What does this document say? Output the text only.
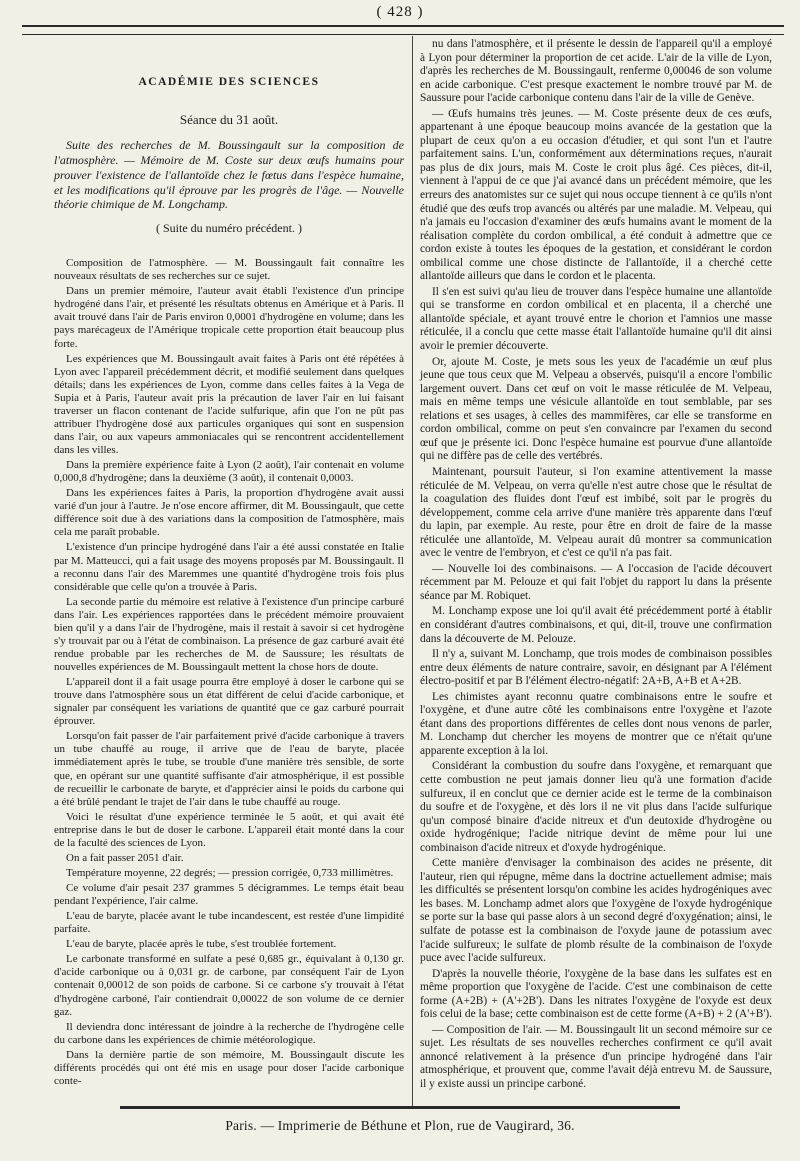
( 428 )
ACADÉMIE DES SCIENCES
Séance du 31 août.

Suite des recherches de M. Boussingault sur la composition de l'atmosphère. — Mémoire de M. Coste sur deux œufs humains pour prouver l'existence de l'allantoïde chez le fœtus dans l'espèce humaine, et les modifications qu'il éprouve par les progrès de l'âge. — Nouvelle théorie chimique de M. Longchamp.

( Suite du numéro précédent. )

Composition de l'atmosphère. — M. Boussingault fait connaître les nouveaux résultats de ses recherches sur ce sujet.

Dans un premier mémoire, l'auteur avait établi l'existence d'un principe hydrogéné dans l'air, et présenté les résultats obtenus en Amérique et à Paris. Il avait trouvé dans l'air de Paris environ 0,0001 d'hydrogène en volume; dans les pays marécageux de l'Amérique tropicale cette proportion était beaucoup plus forte.

Les expériences que M. Boussingault avait faites à Paris ont été répétées à Lyon avec l'appareil précédemment décrit, et modifié seulement dans quelques détails; dans les expériences de Lyon, comme dans celles faites à la Vega de Supia et à Paris, l'auteur avait pris la précaution de laver l'air en lui faisant traverser un flacon contenant de l'acide sulfurique, afin que l'on ne pût pas attribuer l'hydrogène dosé aux particules organiques qui sont en suspension dans l'air, ou aux vapeurs ammoniacales qui se rencontrent accidentellement dans les villes.

Dans la première expérience faite à Lyon (2 août), l'air contenait en volume 0,000,8 d'hydrogène; dans la deuxième (3 août), il contenait 0,0003.

Dans les expériences faites à Paris, la proportion d'hydrogène avait aussi varié d'un jour à l'autre. Je n'ose encore affirmer, dit M. Boussingault, que cette différence soit due à des variations dans la composition de l'atmosphère, mais cela me paraît probable.

L'existence d'un principe hydrogéné dans l'air a été aussi constatée en Italie par M. Matteucci, qui a fait usage des moyens proposés par M. Boussingault. Il a reconnu dans l'air des Maremmes une quantité d'hydrogène trois fois plus considérable que celle qu'on a trouvée à Paris.

La seconde partie du mémoire est relative à l'existence d'un principe carburé dans l'air. Les expériences rapportées dans le précédent mémoire prouvaient bien qu'il y a dans l'air de l'hydrogène, mais il restait à savoir si cet hydrogène s'y trouvait par ou à l'état de combinaison. La présence de gaz carburé avait été rendue probable par les recherches de M. de Saussure; les résultats de nouvelles expériences de M. Boussingault mettent la chose hors de doute.

L'appareil dont il a fait usage pourra être employé à doser le carbone qui se trouve dans l'atmosphère sous un état différent de celui d'acide carbonique, et signaler par conséquent les variations de quantité que ce gaz carburé pourrait éprouver.

Lorsqu'on fait passer de l'air parfaitement privé d'acide carbonique à travers un tube chauffé au rouge, il arrive que de l'eau de baryte, placée immédiatement après le tube, se trouble d'une manière très sensible, de sorte que, en opérant sur une quantité suffisante d'air atmosphérique, il est possible de recueillir le carbonate de baryte, et d'apprécier ainsi le poids du carbone qui a été brûlé pendant le trajet de l'air dans le tube chauffé au rouge.

Voici le résultat d'une expérience terminée le 5 août, et qui avait été entreprise dans le but de doser le carbone. L'appareil était monté dans la cour de la faculté des sciences de Lyon.

On a fait passer 2051 d'air.

Température moyenne, 22 degrés; — pression corrigée, 0,733 millimètres.

Ce volume d'air pesait 237 grammes 5 décigrammes. Le temps était beau pendant l'expérience, l'air calme.

L'eau de baryte, placée avant le tube incandescent, est restée d'une limpidité parfaite.

L'eau de baryte, placée après le tube, s'est troublée fortement.

Le carbonate transformé en sulfate a pesé 0,685 gr., équivalant à 0,130 gr. d'acide carbonique ou à 0,031 gr. de carbone, par conséquent l'air de Lyon contenait 0,00012 de son poids de carbone. Si ce carbone s'y trouvait à l'état d'hydrogène carboné, l'air contiendrait 0,00022 de son volume de ce dernier gaz.

Il deviendra donc intéressant de joindre à la recherche de l'hydrogène celle du carbone dans les expériences de chimie météorologique.

Dans la dernière partie de son mémoire, M. Boussingault discute les différents procédés qui ont été mis en usage pour doser l'acide carbonique conte-

nu dans l'atmosphère, et il présente le dessin de l'appareil qu'il a employé à Lyon pour déterminer la proportion de cet acide. L'air de la ville de Lyon, d'après les recherches de M. Boussingault, renferme 0,00046 de son volume en acide carbonique. C'est presque exactement le nombre trouvé par M. de Saussure pour l'acide carbonique contenu dans l'air de la ville de Genève.

— Œufs humains très jeunes. — M. Coste présente deux de ces œufs, appartenant à une époque beaucoup moins avancée de la gestation que la plupart de ceux qu'on a eu occasion d'étudier, et qui sont l'un et l'autre parfaitement sains. L'un, conformément aux déterminations reçues, n'aurait pas plus de dix jours, mais M. Coste le croit plus âgé. Ces pièces, dit-il, viennent à l'appui de ce que j'ai avancé dans un précédent mémoire, que les erreurs des anatomistes sur ce sujet qui nous occupe tiennent à ce qu'ils n'ont étudié que des œufs trop avancés ou altérés par une maladie. M. Velpeau, qui n'a jamais eu l'occasion d'examiner des œufs humains avant le moment de la réalisation complète du cordon ombilical, a été conduit à admettre que ce cordon existe à toutes les époques de la gestation, et considérant le cordon ombilical comme une chose distincte de l'allantoïde, il a cherché cette allantoïde ailleurs que dans le cordon et le placenta.

Il s'en est suivi qu'au lieu de trouver dans l'espèce humaine une allantoïde qui se transforme en cordon ombilical et en placenta, il a cherché une allantoïde spéciale, et ayant trouvé entre le chorion et l'amnios une masse réticulée, il a conclu que cette masse était l'allantoïde humaine qu'il dit ainsi avoir le premier découverte.

Or, ajoute M. Coste, je mets sous les yeux de l'académie un œuf plus jeune que tous ceux que M. Velpeau a observés, puisqu'il a encore l'ombilic largement ouvert. Dans cet œuf on voit le masse réticulée de M. Velpeau, mais en même temps une vésicule allantoïde en tout semblable, par ses relations et ses usages, à celles des mammifères, car elle se transforme en cordon ombilical, comme on peut s'en convaincre par l'examen du second œuf que je présente ici. Donc l'espèce humaine est pourvue d'une allantoïde qui ne diffère pas de celle des vertébrés.

Maintenant, poursuit l'auteur, si l'on examine attentivement la masse réticulée de M. Velpeau, on verra qu'elle n'est autre chose que le résultat de la coagulation des fluides dont l'œuf est imbibé, soit par le progrès du développement, comme cela arrive d'une manière très apparente dans l'œuf du lapin, par exemple. Au reste, pour être en droit de faire de la masse réticulée une allantoïde, M. Velpeau aurait dû montrer sa communication avec le ventre de l'embryon, et c'est ce qu'il n'a pas fait.

— Nouvelle loi des combinaisons. — A l'occasion de l'acide découvert récemment par M. Pelouze et qui fait l'objet du rapport lu dans la présente séance par M. Robiquet.

M. Lonchamp expose une loi qu'il avait été précédemment porté à établir en considérant d'autres combinaisons, et qui, dit-il, trouve une confirmation dans la découverte de M. Pelouze.

Il n'y a, suivant M. Lonchamp, que trois modes de combinaison possibles entre deux éléments de nature contraire, savoir, en désignant par A l'élément électro-positif et par B l'élément électro-négatif: 2A+B, A+B et A+2B.

Les chimistes ayant reconnu quatre combinaisons entre le soufre et l'oxygène, et d'une autre côté les combinaisons entre l'oxygène et l'azote étant dans des proportions différentes de celles dont nous venons de parler, M. Lonchamp dut chercher les moyens de montrer que ce n'était qu'une apparente exception à la loi.

Considérant la combustion du soufre dans l'oxygène, et remarquant que cette combustion ne peut jamais donner lieu qu'à une formation d'acide sulfureux, il en conclut que ce dernier acide est le terme de la combinaison du soufre et de l'oxygène, et dès lors il ne vit plus dans l'acide sulfurique qu'un composé binaire d'acide nitreux et d'un deutoxide d'hydrogène ou oxide hydrogénique; l'acide nitrique devint de même pour lui une combinaison d'acide nitreux et d'oxyde hydrogénique.

Cette manière d'envisager la combinaison des acides ne présente, dit l'auteur, rien qui répugne, même dans la doctrine actuellement admise; mais les difficultés se présentent lorsqu'on combine les acides hydrogéniques avec les bases. M. Lonchamp admet alors que l'oxygène de l'oxyde hydrogénique se porte sur la base qui passe alors à un second degré d'oxygénation; ainsi, le sulfate de potasse est la combinaison de l'oxyde jaune de potassium avec l'acide sulfureux; le sulfate de plomb résulte de la combinaison de l'oxyde puce avec l'acide sulfureux.

D'après la nouvelle théorie, l'oxygène de la base dans les sulfates est en même proportion que l'oxygène de l'acide. C'est une combinaison de cette forme (A+2B) + (A'+2B'). Dans les nitrates l'oxygène de l'oxyde est deux fois celui de la base; cette combinaison est de cette forme (A+B) + 2 (A'+B').

— Composition de l'air. — M. Boussingault lit un second mémoire sur ce sujet. Les résultats de ses nouvelles recherches confirment ce qu'il avait annoncé relativement à la présence d'un principe hydrogéné dans l'air atmosphérique, et prouvent que, comme l'avait déjà entrevu M. de Saussure, il y existe aussi un principe carboné.

Paris. — Imprimerie de Béthune et Plon, rue de Vaugirard, 36.
